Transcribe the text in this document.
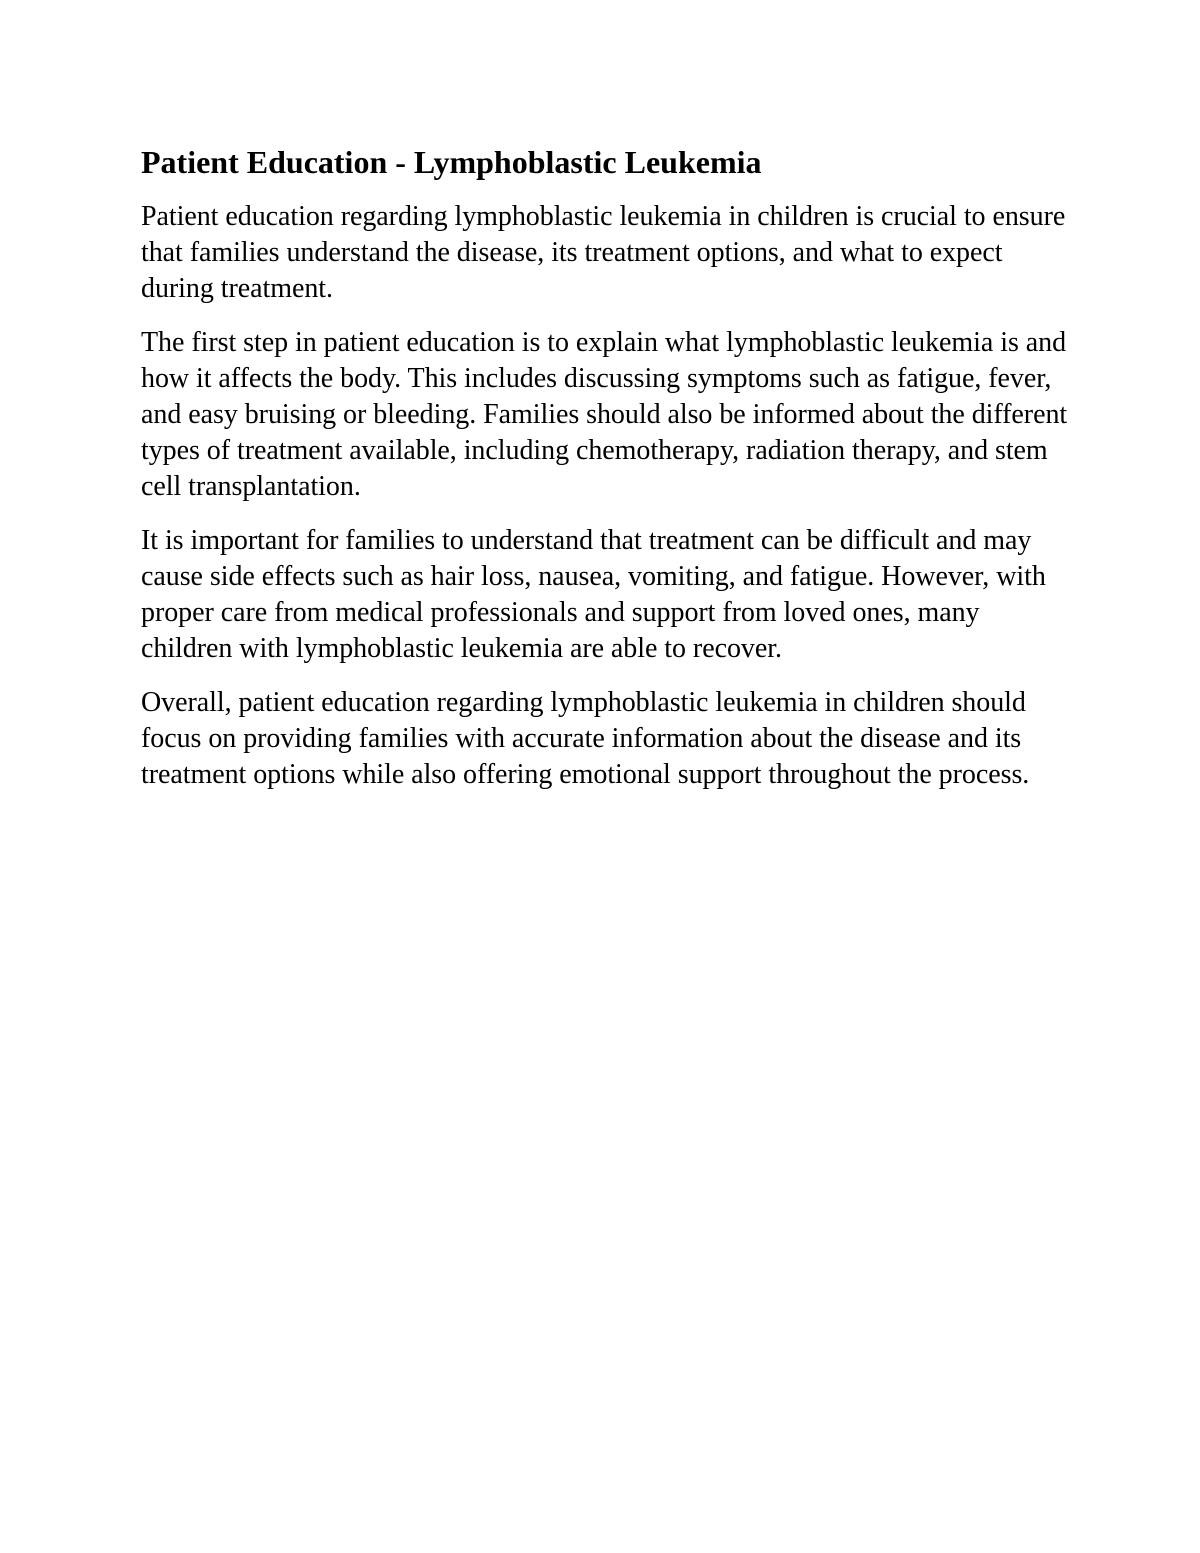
Patient Education - Lymphoblastic Leukemia

Patient education regarding lymphoblastic leukemia in children is crucial to ensure that families understand the disease, its treatment options, and what to expect during treatment.

The first step in patient education is to explain what lymphoblastic leukemia is and how it affects the body. This includes discussing symptoms such as fatigue, fever, and easy bruising or bleeding. Families should also be informed about the different types of treatment available, including chemotherapy, radiation therapy, and stem cell transplantation.

It is important for families to understand that treatment can be difficult and may cause side effects such as hair loss, nausea, vomiting, and fatigue. However, with proper care from medical professionals and support from loved ones, many children with lymphoblastic leukemia are able to recover.

Overall, patient education regarding lymphoblastic leukemia in children should focus on providing families with accurate information about the disease and its treatment options while also offering emotional support throughout the process.
